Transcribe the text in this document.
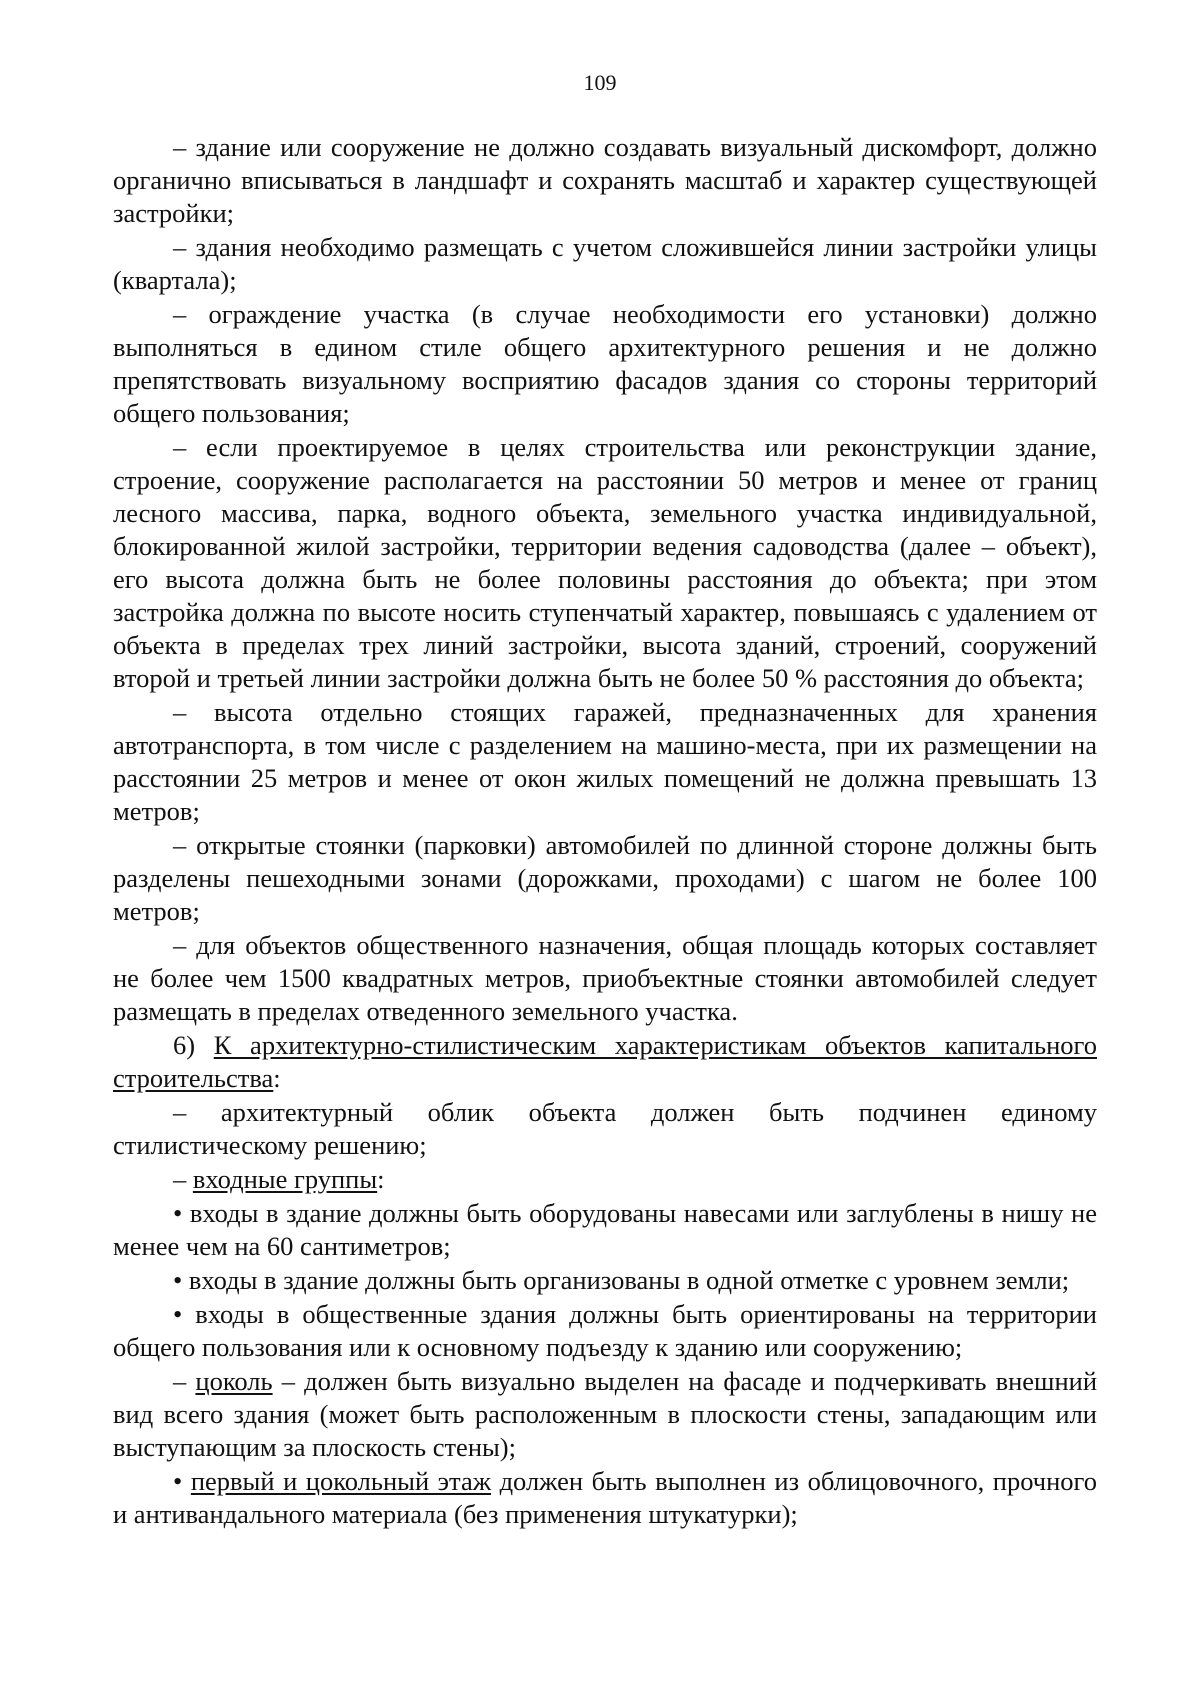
109

– здание или сооружение не должно создавать визуальный дискомфорт, должно органично вписываться в ландшафт и сохранять масштаб и характер существующей застройки;

– здания необходимо размещать с учетом сложившейся линии застройки улицы (квартала);

– ограждение участка (в случае необходимости его установки) должно выполняться в едином стиле общего архитектурного решения и не должно препятствовать визуальному восприятию фасадов здания со стороны территорий общего пользования;

– если проектируемое в целях строительства или реконструкции здание, строение, сооружение располагается на расстоянии 50 метров и менее от границ лесного массива, парка, водного объекта, земельного участка индивидуальной, блокированной жилой застройки, территории ведения садоводства (далее – объект), его высота должна быть не более половины расстояния до объекта; при этом застройка должна по высоте носить ступенчатый характер, повышаясь с удалением от объекта в пределах трех линий застройки, высота зданий, строений, сооружений второй и третьей линии застройки должна быть не более 50 % расстояния до объекта;

– высота отдельно стоящих гаражей, предназначенных для хранения автотранспорта, в том числе с разделением на машино-места, при их размещении на расстоянии 25 метров и менее от окон жилых помещений не должна превышать 13 метров;

– открытые стоянки (парковки) автомобилей по длинной стороне должны быть разделены пешеходными зонами (дорожками, проходами) с шагом не более 100 метров;

– для объектов общественного назначения, общая площадь которых составляет не более чем 1500 квадратных метров, приобъектные стоянки автомобилей следует размещать в пределах отведенного земельного участка.

6) К архитектурно-стилистическим характеристикам объектов капитального строительства:

– архитектурный облик объекта должен быть подчинен единому стилистическому решению;

– входные группы:

• входы в здание должны быть оборудованы навесами или заглублены в нишу не менее чем на 60 сантиметров;

• входы в здание должны быть организованы в одной отметке с уровнем земли;

• входы в общественные здания должны быть ориентированы на территории общего пользования или к основному подъезду к зданию или сооружению;

– цоколь – должен быть визуально выделен на фасаде и подчеркивать внешний вид всего здания (может быть расположенным в плоскости стены, западающим или выступающим за плоскость стены);

• первый и цокольный этаж должен быть выполнен из облицовочного, прочного и антивандального материала (без применения штукатурки);
